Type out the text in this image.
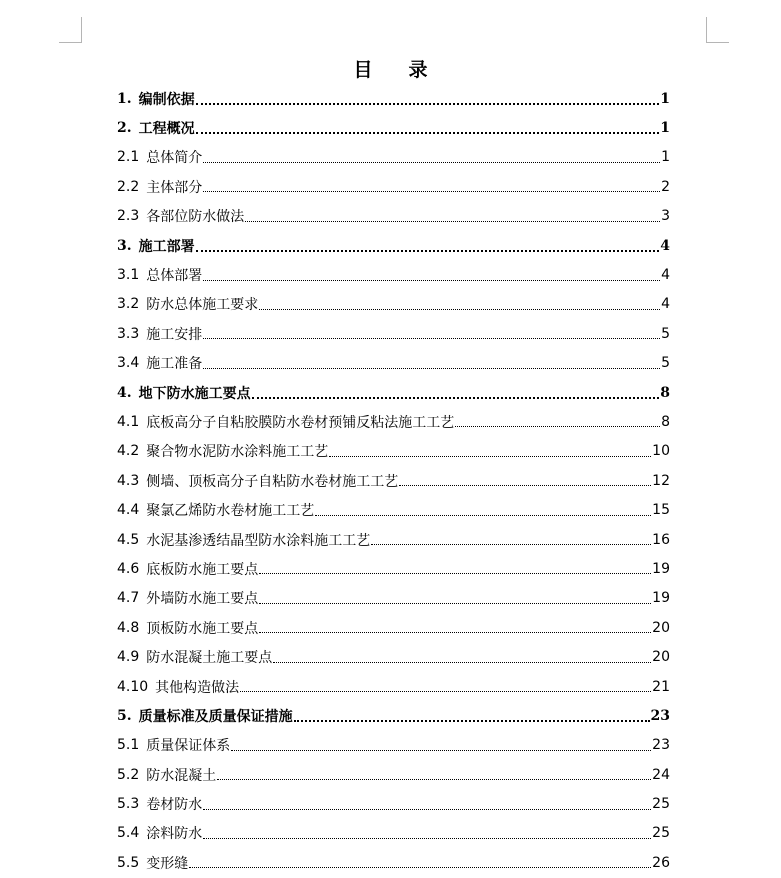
目 录
1. 编制依据	1
2. 工程概况	1
2.1 总体简介	1
2.2 主体部分	2
2.3 各部位防水做法	3
3. 施工部署	4
3.1 总体部署	4
3.2 防水总体施工要求	4
3.3 施工安排	5
3.4 施工准备	5
4. 地下防水施工要点	8
4.1 底板高分子自粘胶膜防水卷材预铺反粘法施工工艺	8
4.2 聚合物水泥防水涂料施工工艺	10
4.3 侧墙、顶板高分子自粘防水卷材施工工艺	12
4.4 聚氯乙烯防水卷材施工工艺	15
4.5 水泥基渗透结晶型防水涂料施工工艺	16
4.6 底板防水施工要点	19
4.7 外墙防水施工要点	19
4.8 顶板防水施工要点	20
4.9 防水混凝土施工要点	20
4.10 其他构造做法	21
5. 质量标准及质量保证措施	23
5.1 质量保证体系	23
5.2 防水混凝土	24
5.3 卷材防水	25
5.4 涂料防水	25
5.5 变形缝	26
